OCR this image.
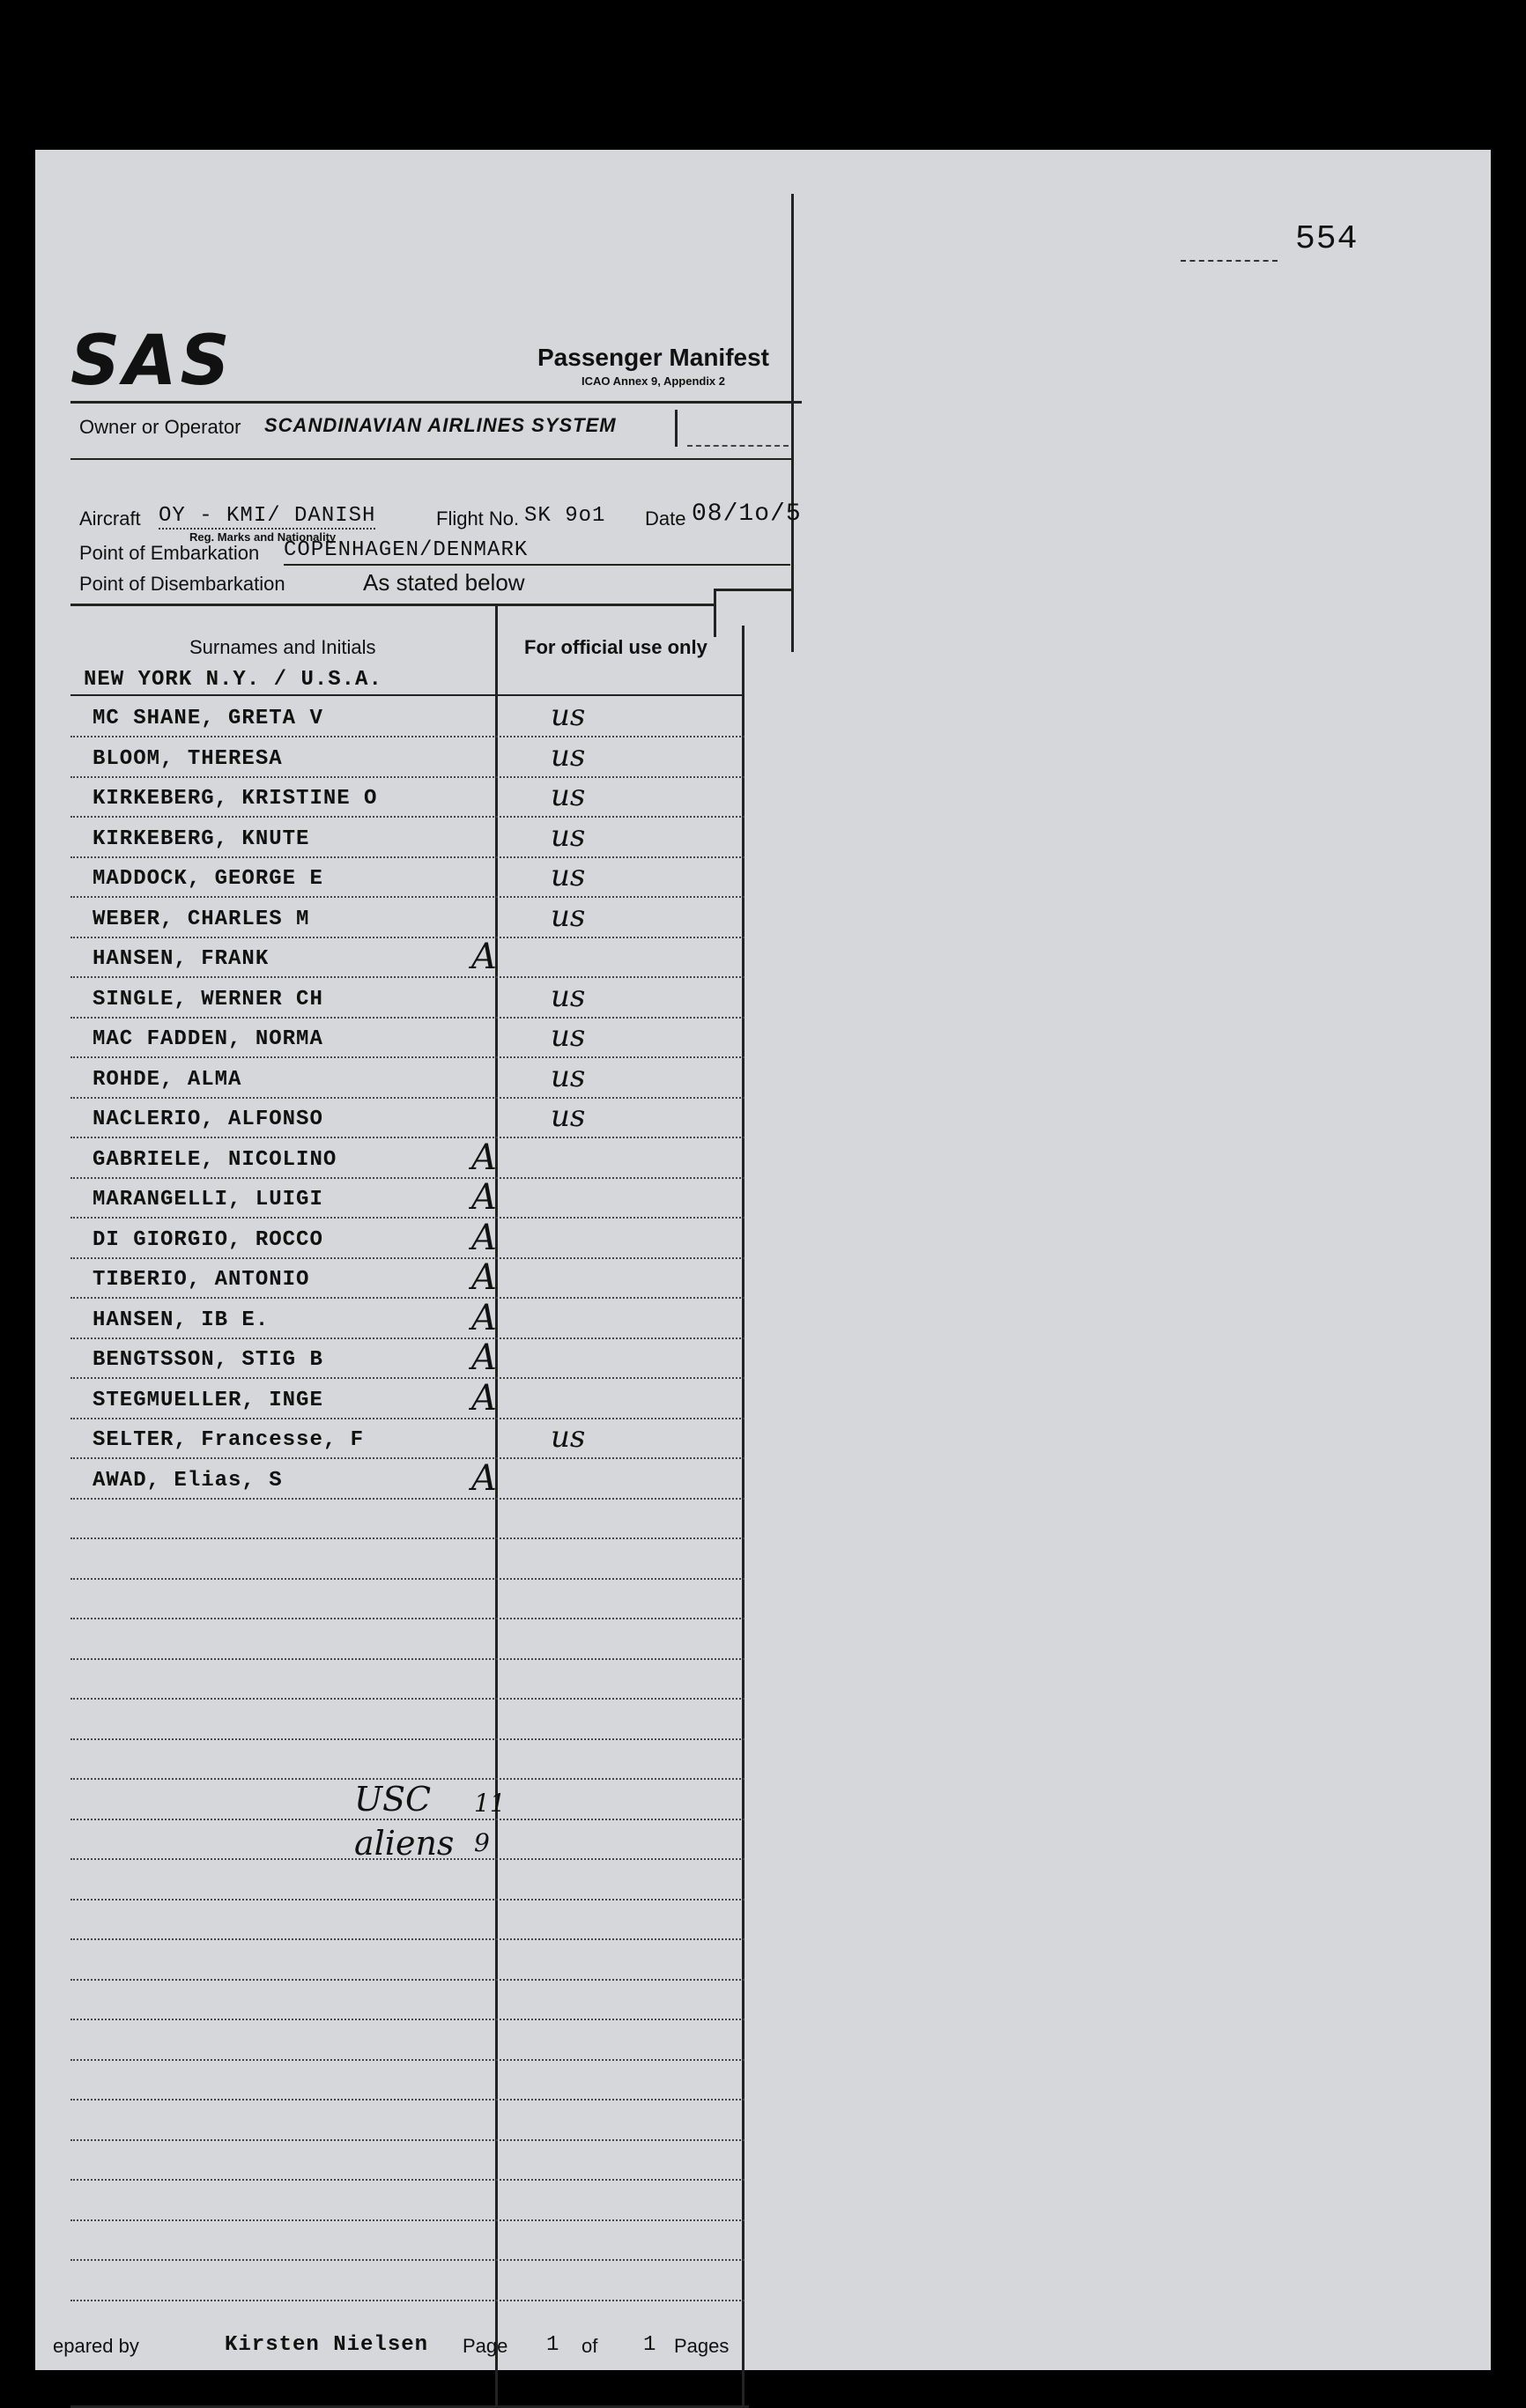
554
SAS	Passenger Manifest
ICAO Annex 9, Appendix 2
Owner or Operator SCANDINAVIAN AIRLINES SYSTEM
Aircraft OY - KMI/ DANISH
Reg. Marks and Nationality
Flight No. SK 9o1 Date 08/1o/5
Point of Embarkation COPENHAGEN/DENMARK
Point of Disembarkation	As stated below
Surnames and Initials	For official use only
NEW YORK N.Y. / U.S.A.
MC SHANE, GRETA V	us
BLOOM, THERESA	us
KIRKEBERG, KRISTINE O	us
KIRKEBERG, KNUTE	us
MADDOCK, GEORGE E	us
WEBER, CHARLES M	us
HANSEN, FRANK	A
SINGLE, WERNER CH	us
MAC FADDEN, NORMA	us
ROHDE, ALMA	us
NACLERIO, ALFONSO	us
GABRIELE, NICOLINO	A
MARANGELLI, LUIGI	A
DI GIORGIO, ROCCO	A
TIBERIO, ANTONIO	A
HANSEN, IB E.	A
BENGTSSON, STIG B	A
STEGMUELLER, INGE	A
SELTER, Francesse, F	us
AWAD, Elias, S	A
USC 11
aliens 9
epared by	Kirsten Nielsen Page 1 of 1 Pages
